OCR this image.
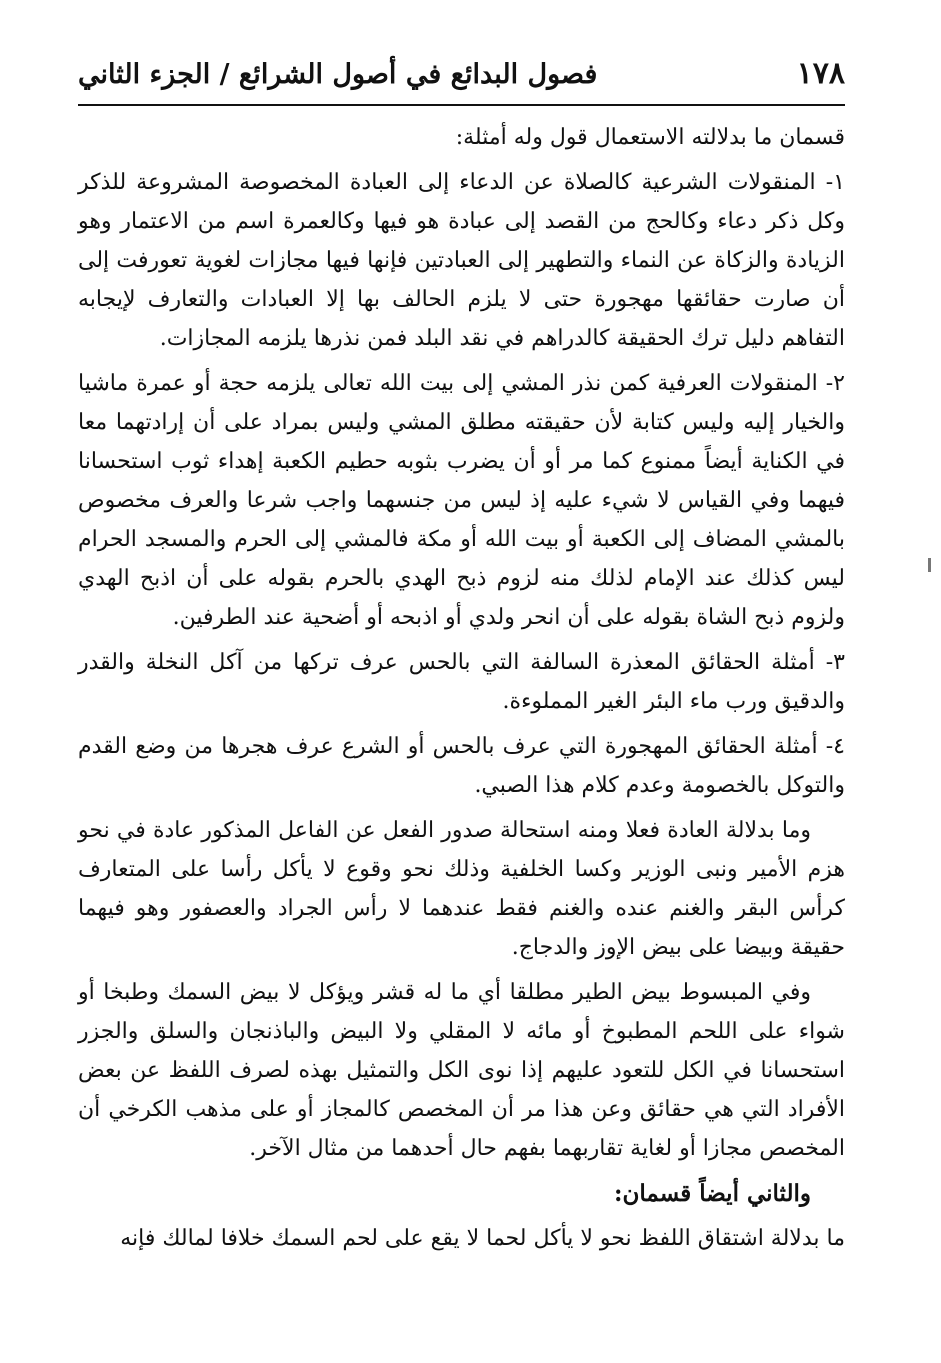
١٧٨
فصول البدائع في أصول الشرائع / الجزء الثاني

قسمان ما بدلالته الاستعمال قول وله أمثلة:

١- المنقولات الشرعية كالصلاة عن الدعاء إلى العبادة المخصوصة المشروعة للذكر وكل ذكر دعاء وكالحج من القصد إلى عبادة هو فيها وكالعمرة اسم من الاعتمار وهو الزيادة والزكاة عن النماء والتطهير إلى العبادتين فإنها فيها مجازات لغوية تعورفت إلى أن صارت حقائقها مهجورة حتى لا يلزم الحالف بها إلا العبادات والتعارف لإيجابه التفاهم دليل ترك الحقيقة كالدراهم في نقد البلد فمن نذرها يلزمه المجازات.

٢- المنقولات العرفية كمن نذر المشي إلى بيت الله تعالى يلزمه حجة أو عمرة ماشيا والخيار إليه وليس كتابة لأن حقيقته مطلق المشي وليس بمراد على أن إرادتهما معا في الكناية أيضاً ممنوع كما مر أو أن يضرب بثوبه حطيم الكعبة إهداء ثوب استحسانا فيهما وفي القياس لا شيء عليه إذ ليس من جنسهما واجب شرعا والعرف مخصوص بالمشي المضاف إلى الكعبة أو بيت الله أو مكة فالمشي إلى الحرم والمسجد الحرام ليس كذلك عند الإمام لذلك منه لزوم ذبح الهدي بالحرم بقوله على أن اذبح الهدي ولزوم ذبح الشاة بقوله على أن انحر ولدي أو اذبحه أو أضحية عند الطرفين.

٣- أمثلة الحقائق المعذرة السالفة التي بالحس عرف تركها من آكل النخلة والقدر والدقيق ورب ماء البئر الغير المملوءة.

٤- أمثلة الحقائق المهجورة التي عرف بالحس أو الشرع عرف هجرها من وضع القدم والتوكل بالخصومة وعدم كلام هذا الصبي.

وما بدلالة العادة فعلا ومنه استحالة صدور الفعل عن الفاعل المذكور عادة في نحو هزم الأمير ونبى الوزير وكسا الخلفية وذلك نحو وقوع لا يأكل رأسا على المتعارف كرأس البقر والغنم عنده والغنم فقط عندهما لا رأس الجراد والعصفور وهو فيهما حقيقة وبيضا على بيض الإوز والدجاج.

وفي المبسوط بيض الطير مطلقا أي ما له قشر ويؤكل لا بيض السمك وطبخا أو شواء على اللحم المطبوخ أو مائه لا المقلي ولا البيض والباذنجان والسلق والجزر استحسانا في الكل للتعود عليهم إذا نوى الكل والتمثيل بهذه لصرف اللفظ عن بعض الأفراد التي هي حقائق وعن هذا مر أن المخصص كالمجاز أو على مذهب الكرخي أن المخصص مجازا أو لغاية تقاربهما بفهم حال أحدهما من مثال الآخر.

والثاني أيضاً قسمان:

ما بدلالة اشتقاق اللفظ نحو لا يأكل لحما لا يقع على لحم السمك خلافا لمالك فإنه
